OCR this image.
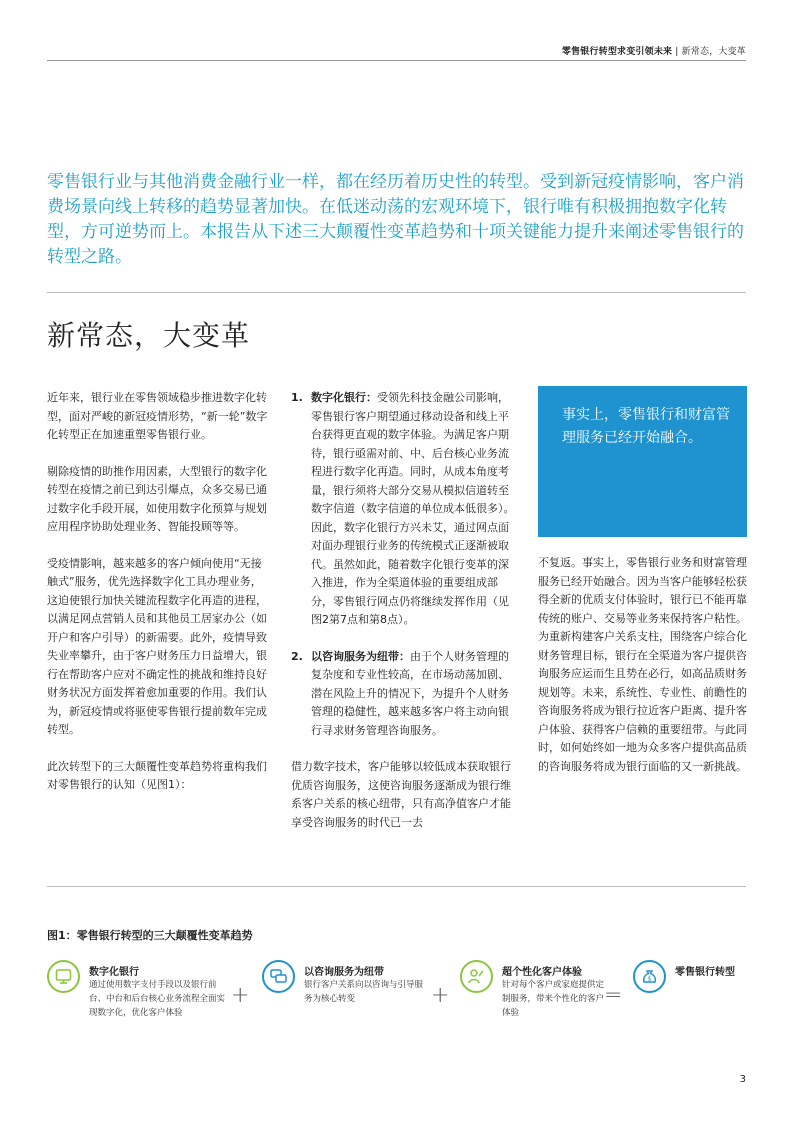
零售银行转型求变引领未来 | 新常态，大变革
零售银行业与其他消费金融行业一样，都在经历着历史性的转型。受到新冠疫情影响，客户消费场景向线上转移的趋势显著加快。在低迷动荡的宏观环境下，银行唯有积极拥抱数字化转型，方可逆势而上。本报告从下述三大颠覆性变革趋势和十项关键能力提升来阐述零售银行的转型之路。
新常态，大变革

近年来，银行业在零售领域稳步推进数字化转型，面对严峻的新冠疫情形势，“新一轮”数字化转型正在加速重塑零售银行业。

剔除疫情的助推作用因素，大型银行的数字化转型在疫情之前已到达引爆点，众多交易已通过数字化手段开展，如使用数字化预算与规划应用程序协助处理业务、智能投顾等等。

受疫情影响，越来越多的客户倾向使用“无接触式”服务，优先选择数字化工具办理业务，这迫使银行加快关键流程数字化再造的进程，以满足网点营销人员和其他员工居家办公（如开户和客户引导）的新需要。此外，疫情导致失业率攀升，由于客户财务压力日益增大，银行在帮助客户应对不确定性的挑战和维持良好财务状况方面发挥着愈加重要的作用。我们认为，新冠疫情或将驱使零售银行提前数年完成转型。

此次转型下的三大颠覆性变革趋势将重构我们对零售银行的认知（见图1）：

1. 数字化银行：受领先科技金融公司影响，零售银行客户期望通过移动设备和线上平台获得更直观的数字体验。为满足客户期待，银行亟需对前、中、后台核心业务流程进行数字化再造。同时，从成本角度考量，银行须将大部分交易从模拟信道转至数字信道（数字信道的单位成本低很多）。因此，数字化银行方兴未艾，通过网点面对面办理银行业务的传统模式正逐渐被取代。虽然如此，随着数字化银行变革的深入推进，作为全渠道体验的重要组成部分，零售银行网点仍将继续发挥作用（见图2第7点和第8点）。
2. 以咨询服务为纽带：由于个人财务管理的复杂度和专业性较高，在市场动荡加剧、潜在风险上升的情况下，为提升个人财务管理的稳健性，越来越多客户将主动向银行寻求财务管理咨询服务。

借力数字技术，客户能够以较低成本获取银行优质咨询服务，这使咨询服务逐渐成为银行维系客户关系的核心纽带，只有高净值客户才能享受咨询服务的时代已一去

事实上，零售银行和财富管理服务已经开始融合。

不复返。事实上，零售银行业务和财富管理服务已经开始融合。因为当客户能够轻松获得全新的优质支付体验时，银行已不能再靠传统的账户、交易等业务来保持客户粘性。为重新构建客户关系支柱，围绕客户综合化财务管理目标，银行在全渠道为客户提供咨询服务应运而生且势在必行，如高品质财务规划等。未来，系统性、专业性、前瞻性的咨询服务将成为银行拉近客户距离、提升客户体验、获得客户信赖的重要纽带。与此同时，如何始终如一地为众多客户提供高品质的咨询服务将成为银行面临的又一新挑战。

图1：零售银行转型的三大颠覆性变革趋势
数字化银行
通过使用数字支付手段以及银行前台、中台和后台核心业务流程全面实现数字化，优化客户体验
+
以咨询服务为纽带
银行客户关系向以咨询与引导服务为核心转变	+
超个性化客户体验
针对每个客户或家庭提供定制服务，带来个性化的客户体验
=
$
零售银行转型
3
